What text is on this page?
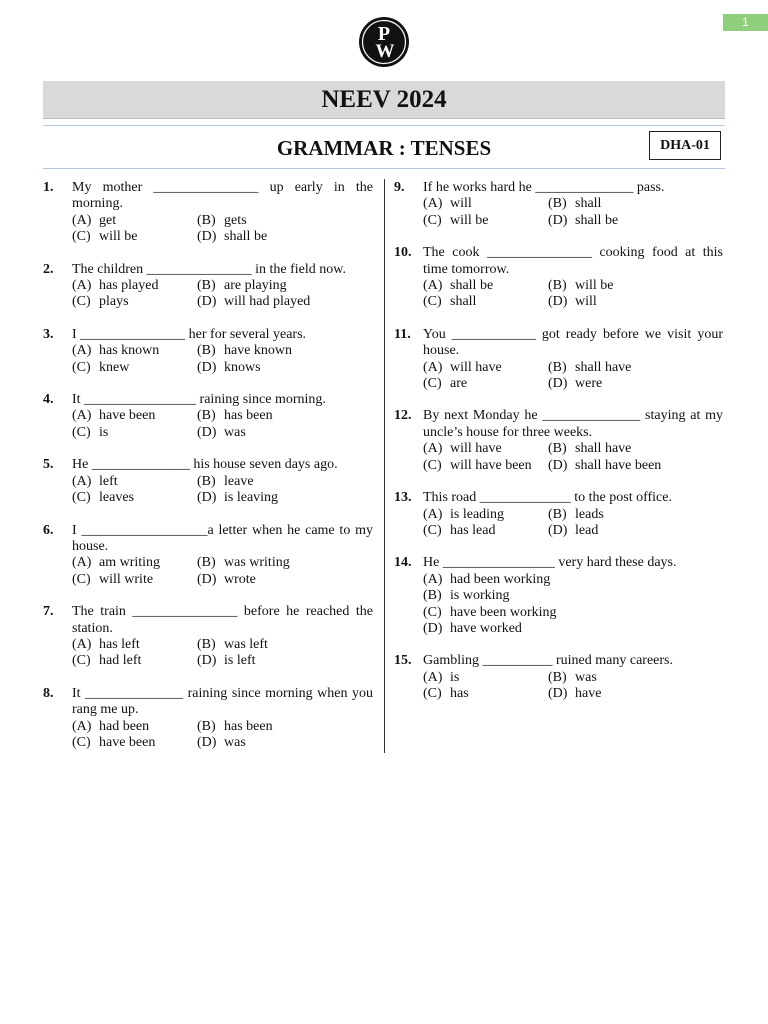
1
P
W
NEEV 2024
GRAMMAR : TENSES	DHA-01
1.	My mother _______________ up early in the morning.
(A) get	(B) gets
(C) will be	(D) shall be
2.	The children _______________ in the field now.
(A) has played	(B) are playing
(C) plays	(D) will had played
3.	I _______________ her for several years.
(A) has known	(B) have known
(C) knew	(D) knows
4.	It ________________ raining since morning.
(A) have been	(B) has been
(C) is	(D) was
5.	He ______________ his house seven days ago.
(A) left	(B) leave
(C) leaves	(D) is leaving
6.	I __________________a letter when he came to my house.
(A) am writing	(B) was writing
(C) will write	(D) wrote
7.	The train _______________ before he reached the station.
(A) has left	(B) was left
(C) had left	(D) is left
8.	It ______________ raining since morning when you rang me up.
(A) had been	(B) has been
(C) have been	(D) was
9.	If he works hard he ______________ pass.
(A) will	(B) shall
(C) will be	(D) shall be
10. The cook _______________ cooking food at this time tomorrow.
(A) shall be	(B) will be
(C) shall	(D) will
11. You ____________ got ready before we visit your house.
(A) will have	(B) shall have
(C) are	(D) were
12. By next Monday he ______________ staying at my uncle’s house for three weeks.
(A) will have	(B) shall have
(C) will have been	(D) shall have been
13. This road _____________ to the post office.
(A) is leading	(B) leads
(C) has lead	(D) lead
14. He ________________ very hard these days.
(A) had been working
(B) is working
(C) have been working
(D) have worked
15. Gambling __________ ruined many careers.
(A) is	(B) was
(C) has	(D) have
